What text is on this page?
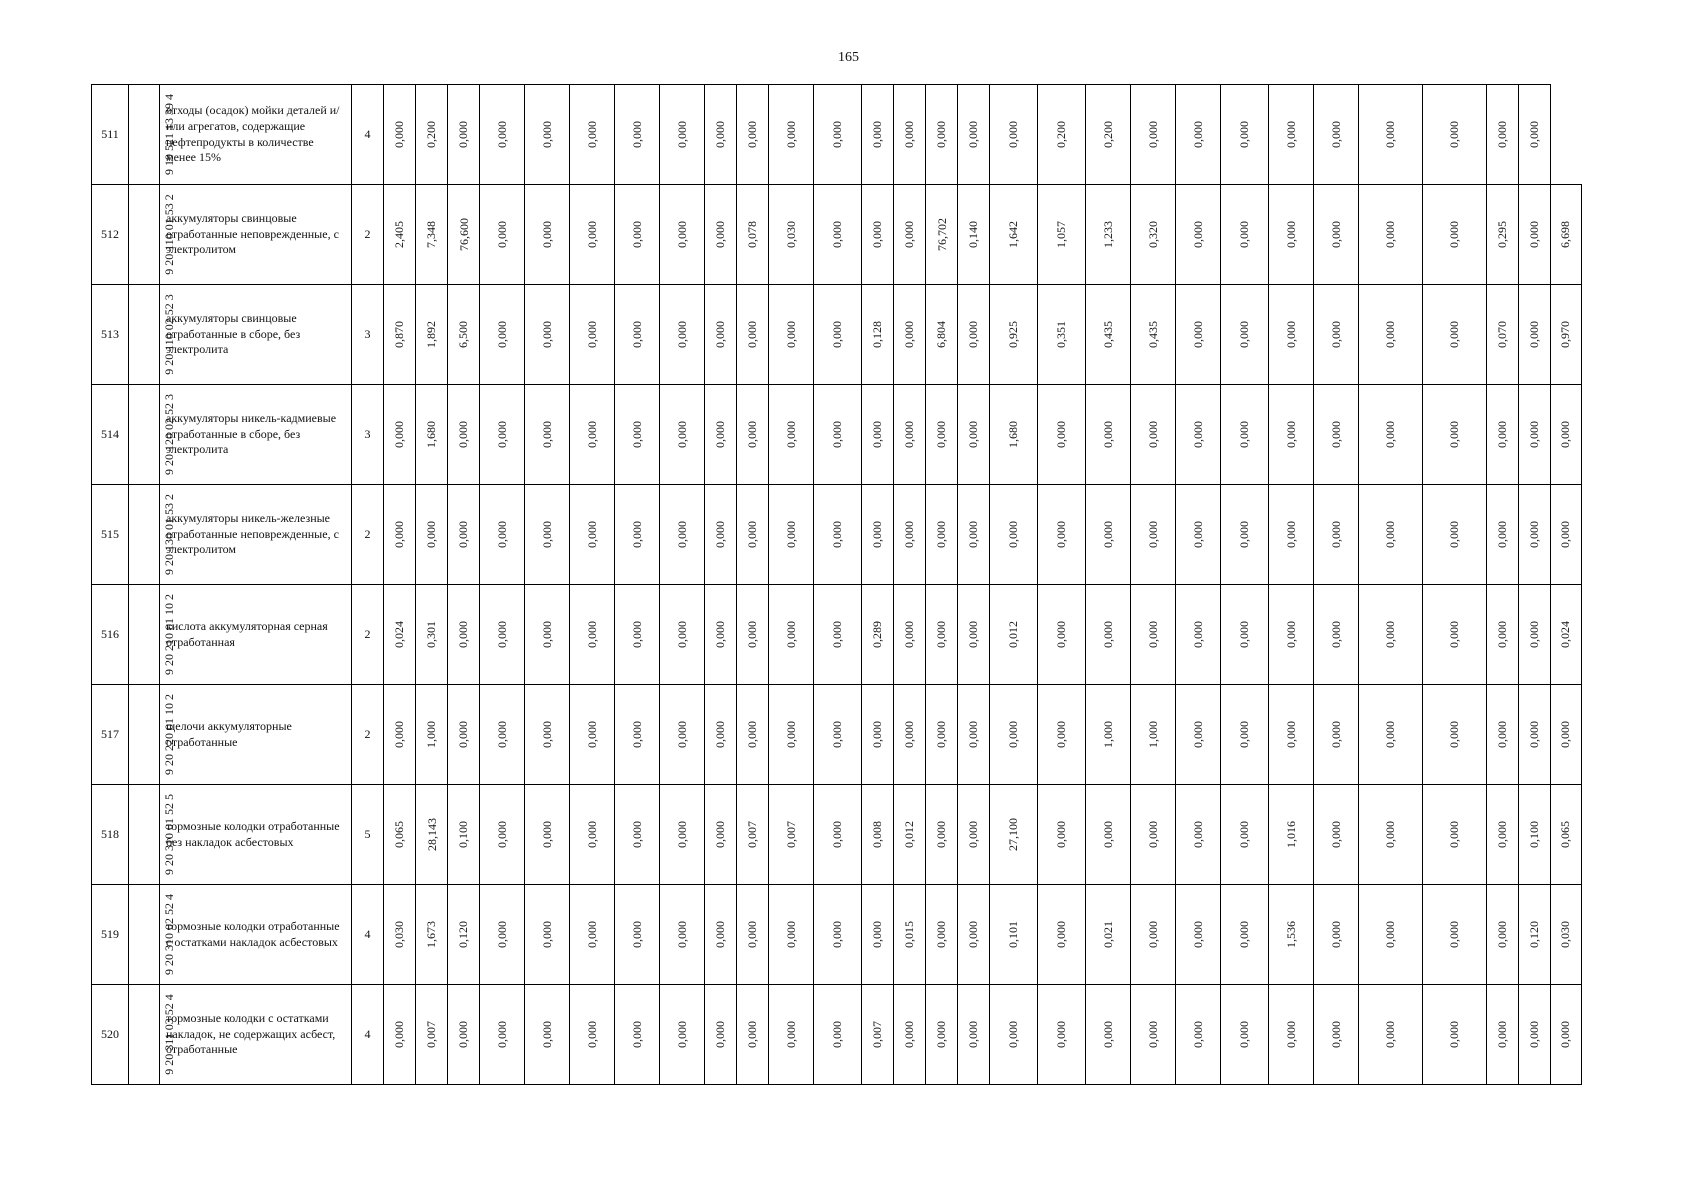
165
511	9 19 521 13 39 4	отходы (осадок) мойки деталей и/или агрегатов, содержащие нефтепродукты в количестве менее 15%	4	0,000	0,200	0,000	0,000	0,000	0,000	0,000	0,000	0,000	0,000	0,000	0,000	0,000	0,000	0,000	0,000	0,000	0,200	0,200	0,000	0,000	0,000	0,000	0,000	0,000	0,000	0,000	0,000	
512	9 20 110 01 53 2	аккумуляторы свинцовые отработанные неповрежденные, с электролитом	2	2,405	7,348	76,600	0,000	0,000	0,000	0,000	0,000	0,000	0,078	0,030	0,000	0,000	0,000	76,702	0,140	1,642	1,057	1,233	0,320	0,000	0,000	0,000	0,000	0,000	0,000	0,295	0,000	6,698
513	9 20 110 02 52 3	аккумуляторы свинцовые отработанные в сборе, без электролита	3	0,870	1,892	6,500	0,000	0,000	0,000	0,000	0,000	0,000	0,000	0,000	0,000	0,128	0,000	6,804	0,000	0,925	0,351	0,435	0,435	0,000	0,000	0,000	0,000	0,000	0,000	0,070	0,000	0,970
514	9 20 120 02 52 3	аккумуляторы никель-кадмиевые отработанные в сборе, без электролита	3	0,000	1,680	0,000	0,000	0,000	0,000	0,000	0,000	0,000	0,000	0,000	0,000	0,000	0,000	0,000	0,000	1,680	0,000	0,000	0,000	0,000	0,000	0,000	0,000	0,000	0,000	0,000	0,000	0,000
515	9 20 130 01 53 2	аккумуляторы никель-железные отработанные неповрежденные, с электролитом	2	0,000	0,000	0,000	0,000	0,000	0,000	0,000	0,000	0,000	0,000	0,000	0,000	0,000	0,000	0,000	0,000	0,000	0,000	0,000	0,000	0,000	0,000	0,000	0,000	0,000	0,000	0,000	0,000	0,000
516	9 20 210 01 10 2	кислота аккумуляторная серная отработанная	2	0,024	0,301	0,000	0,000	0,000	0,000	0,000	0,000	0,000	0,000	0,000	0,000	0,289	0,000	0,000	0,000	0,012	0,000	0,000	0,000	0,000	0,000	0,000	0,000	0,000	0,000	0,000	0,000	0,024
517	9 20 220 01 10 2	щелочи аккумуляторные отработанные	2	0,000	1,000	0,000	0,000	0,000	0,000	0,000	0,000	0,000	0,000	0,000	0,000	0,000	0,000	0,000	0,000	0,000	0,000	1,000	1,000	0,000	0,000	0,000	0,000	0,000	0,000	0,000	0,000	0,000
518	9 20 310 01 52 5	тормозные колодки отработанные без накладок асбестовых	5	0,065	28,143	0,100	0,000	0,000	0,000	0,000	0,000	0,000	0,007	0,007	0,000	0,008	0,012	0,000	0,000	27,100	0,000	0,000	0,000	0,000	0,000	1,016	0,000	0,000	0,000	0,000	0,100	0,065
519	9 20 310 02 52 4	тормозные колодки отработанные с остатками накладок асбестовых	4	0,030	1,673	0,120	0,000	0,000	0,000	0,000	0,000	0,000	0,000	0,000	0,000	0,000	0,015	0,000	0,000	0,101	0,000	0,021	0,000	0,000	0,000	1,536	0,000	0,000	0,000	0,000	0,120	0,030
520	9 20 311 03 52 4	тормозные колодки с остатками накладок, не содержащих асбест, отработанные	4	0,000	0,007	0,000	0,000	0,000	0,000	0,000	0,000	0,000	0,000	0,000	0,000	0,007	0,000	0,000	0,000	0,000	0,000	0,000	0,000	0,000	0,000	0,000	0,000	0,000	0,000	0,000	0,000	0,000
